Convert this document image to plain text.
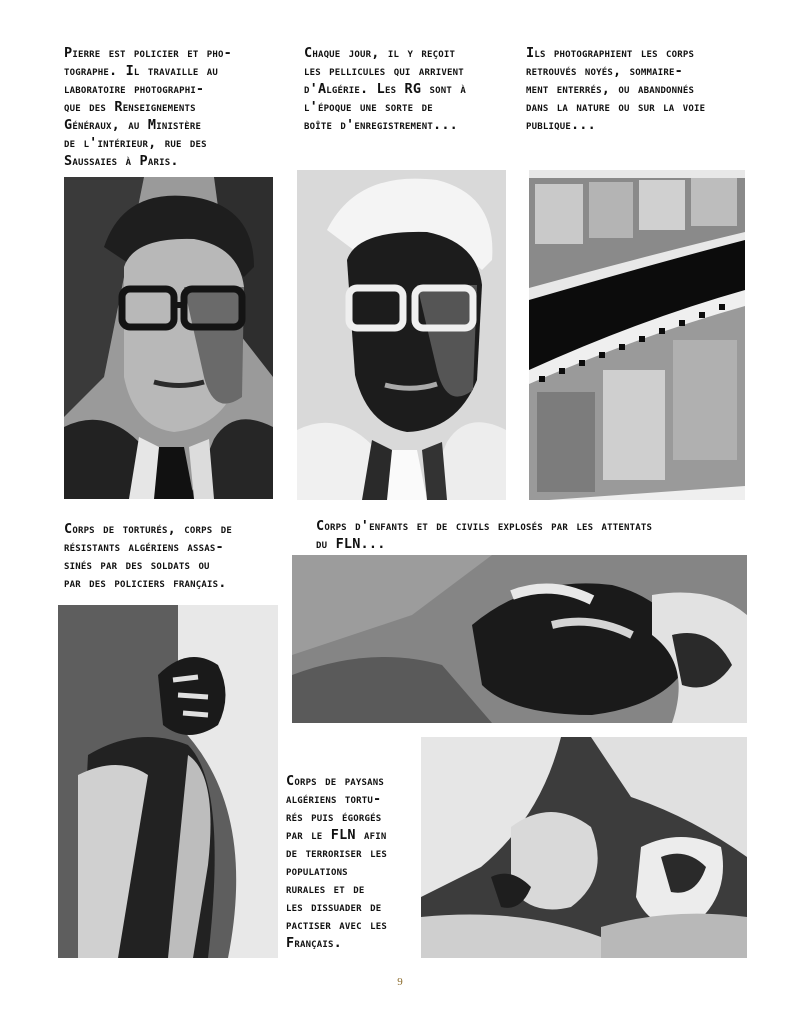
Pierre est policier et pho-
tographe. Il travaille au
laboratoire photographi-
que des Renseignements
Généraux, au Ministère
de l'intérieur, rue des
Saussaies à Paris.
Chaque jour, il y reçoit
les pellicules qui arrivent
d'Algérie. Les RG sont à
l'époque une sorte de
boîte d'enregistrement...
Ils photographient les corps
retrouvés noyés, sommaire-
ment enterrés, ou abandonnés
dans la nature ou sur la voie
publique...
Corps de torturés, corps de
résistants algériens assas-
sinés par des soldats ou
par des policiers français.
Corps d'enfants et de civils explosés par les attentats
du FLN...
Corps de paysans
algériens tortu-
rés puis égorgés
par le FLN afin
de terroriser les
populations
rurales et de
les dissuader de
pactiser avec les
Français.
9
